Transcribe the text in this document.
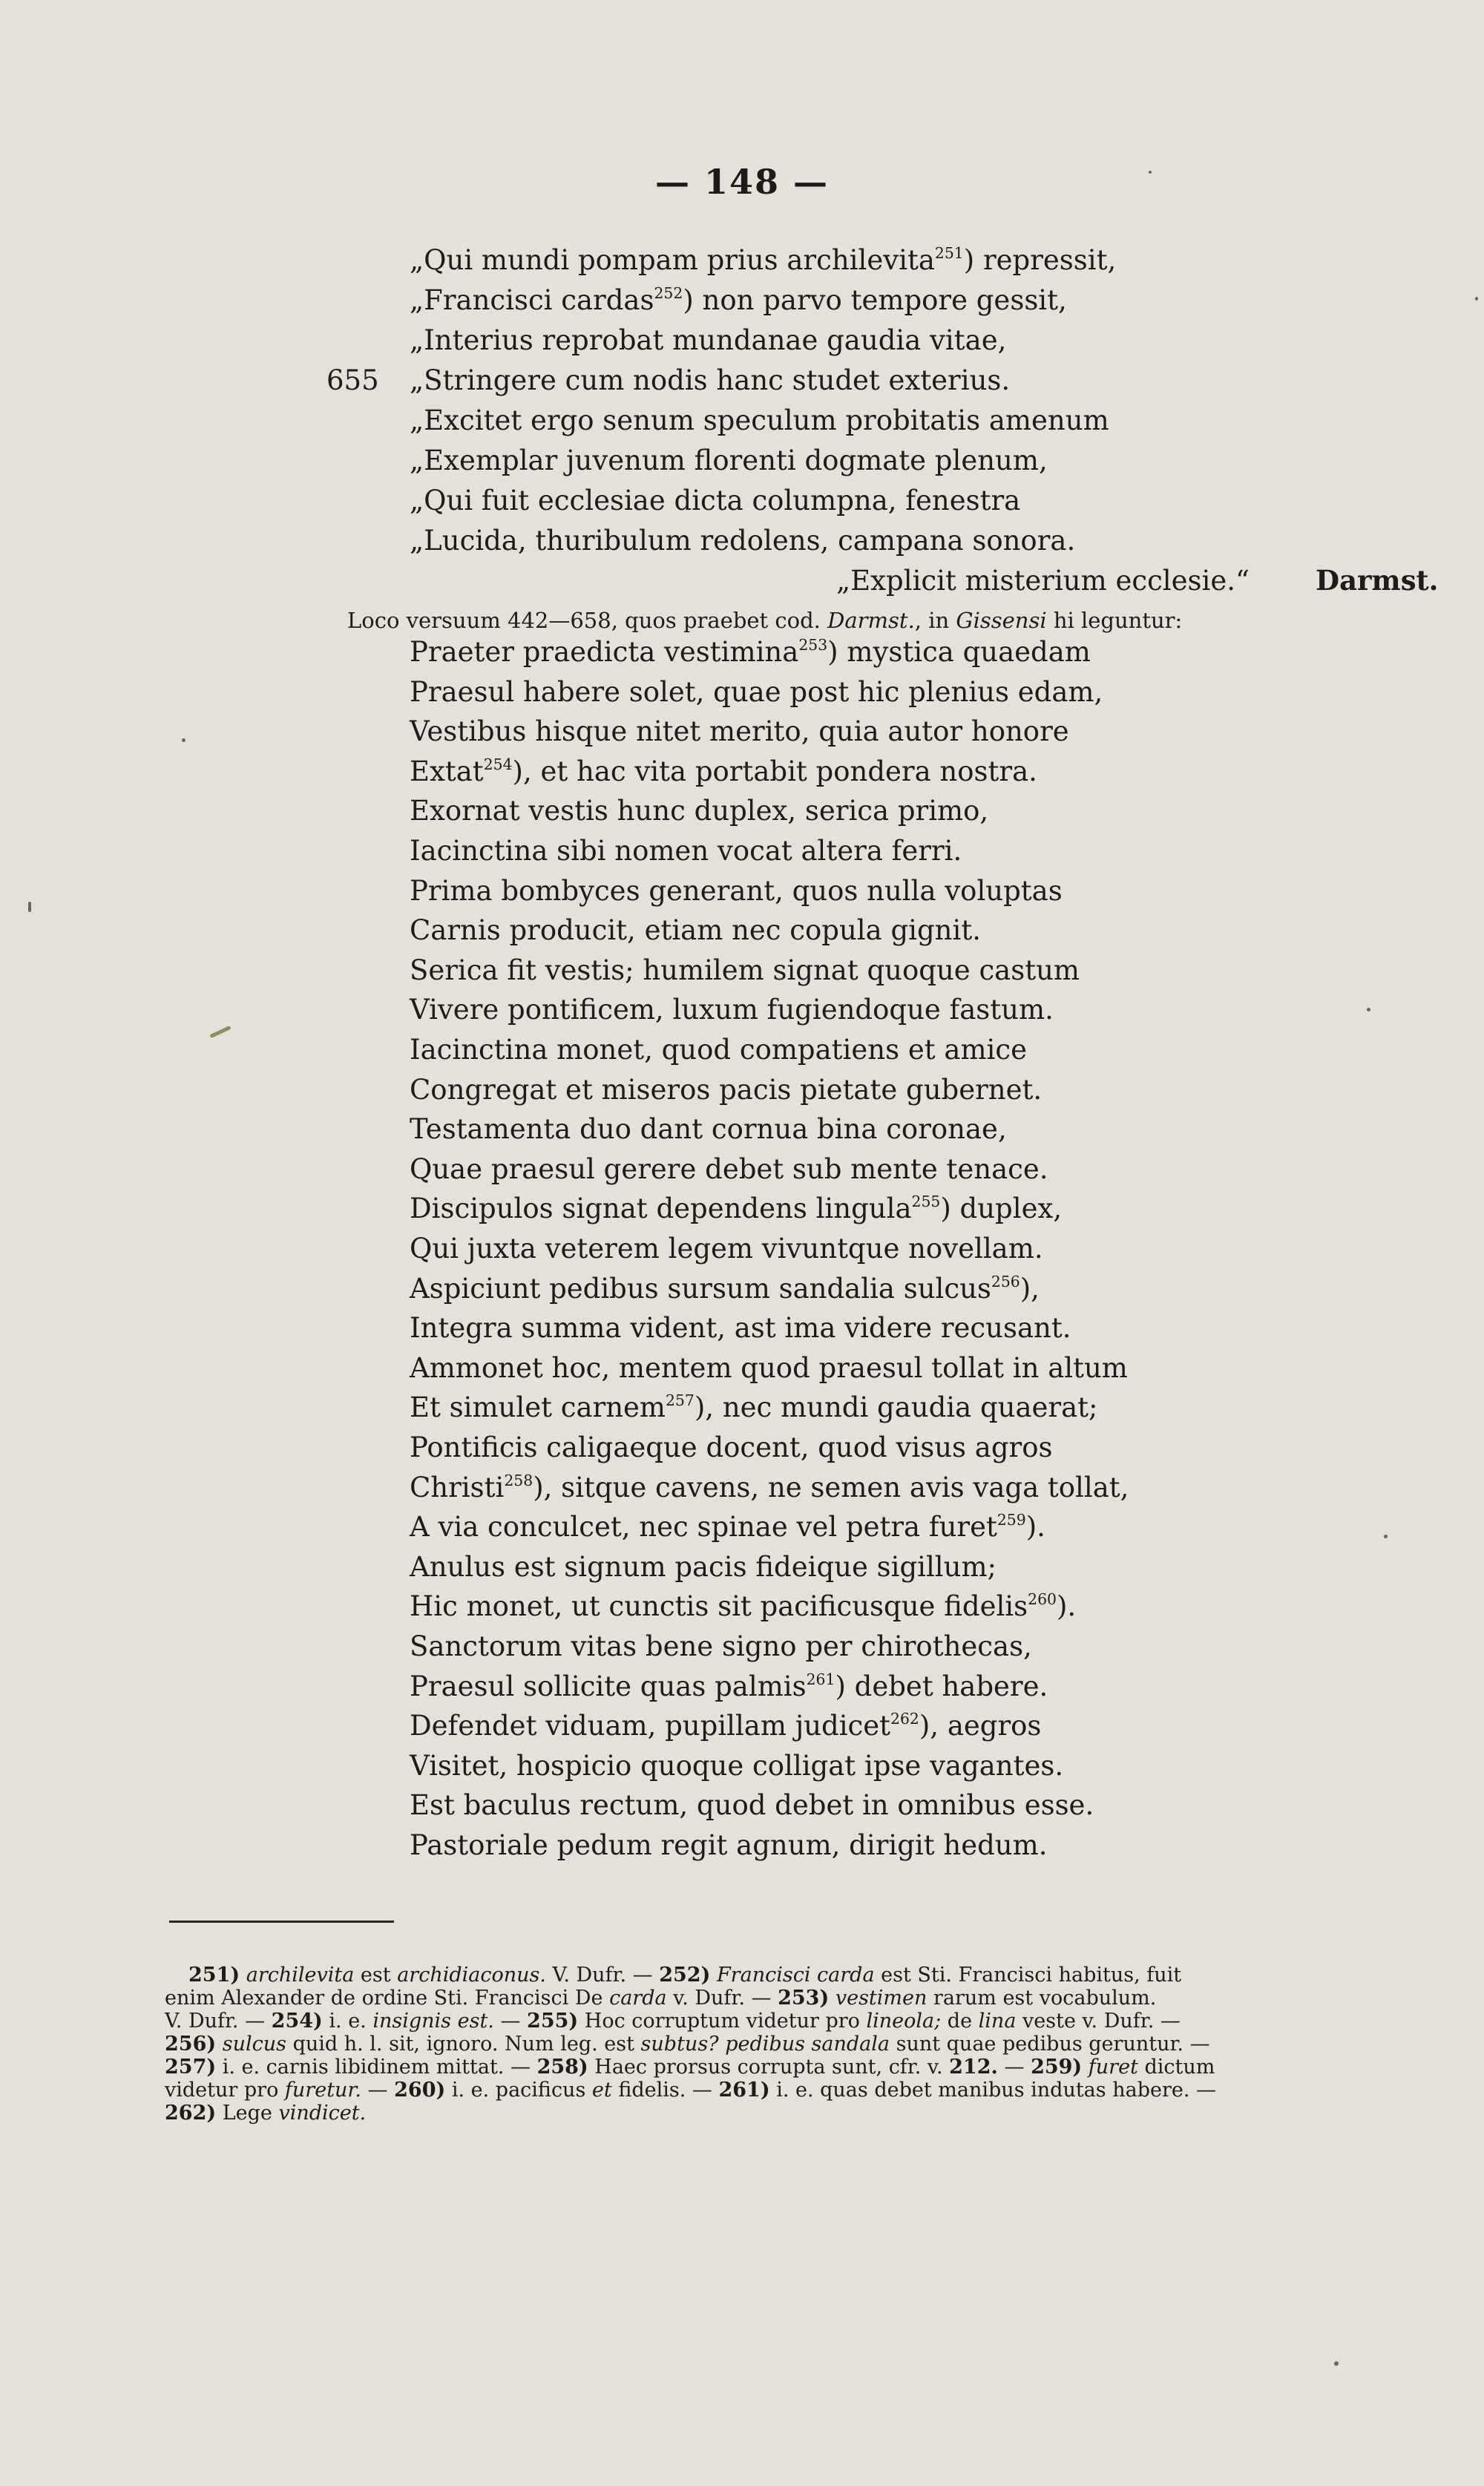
— 148 —
„Qui mundi pompam prius archilevita$^{251}$) repressit,
„Francisci cardas$^{252}$) non parvo tempore gessit,
„Interius reprobat mundanae gaudia vitae,
655 „Stringere cum nodis hanc studet exterius.
„Excitet ergo senum speculum probitatis amenum
„Exemplar juvenum florenti dogmate plenum,
„Qui fuit ecclesiae dicta columpna, fenestra
„Lucida, thuribulum redolens, campana sonora.
„Explicit misterium ecclesie.“ Darmst.
Loco versuum 442—658, quos praebet cod. Darmst., in Gissensi hi leguntur:
Praeter praedicta vestimina$^{253}$) mystica quaedam
Praesul habere solet, quae post hic plenius edam,
Vestibus hisque nitet merito, quia autor honore
Extat$^{254}$), et hac vita portabit pondera nostra.
Exornat vestis hunc duplex, serica primo,
Iacinctina sibi nomen vocat altera ferri.
Prima bombyces generant, quos nulla voluptas
Carnis producit, etiam nec copula gignit.
Serica fit vestis; humilem signat quoque castum
Vivere pontificem, luxum fugiendoque fastum.
Iacinctina monet, quod compatiens et amice
Congregat et miseros pacis pietate gubernet.
Testamenta duo dant cornua bina coronae,
Quae praesul gerere debet sub mente tenace.
Discipulos signat dependens lingula$^{255}$) duplex,
Qui juxta veterem legem vivuntque novellam.
Aspiciunt pedibus sursum sandalia sulcus$^{256}$),
Integra summa vident, ast ima videre recusant.
Ammonet hoc, mentem quod praesul tollat in altum
Et simulet carnem$^{257}$), nec mundi gaudia quaerat;
Pontificis caligaeque docent, quod visus agros
Christi$^{258}$), sitque cavens, ne semen avis vaga tollat,
A via conculcet, nec spinae vel petra furet$^{259}$).
Anulus est signum pacis fideique sigillum;
Hic monet, ut cunctis sit pacificusque fidelis$^{260}$).
Sanctorum vitas bene signo per chirothecas,
Praesul sollicite quas palmis$^{261}$) debet habere.
Defendet viduam, pupillam judicet$^{262}$), aegros
Visitet, hospicio quoque colligat ipse vagantes.
Est baculus rectum, quod debet in omnibus esse.
Pastoriale pedum regit agnum, dirigit hedum.
251) archilevita est archidiaconus. V. Dufr. — 252) Francisci carda est Sti. Francisci habitus, fuit
enim Alexander de ordine Sti. Francisci De carda v. Dufr. — 253) vestimen rarum est vocabulum.
V. Dufr. — 254) i. e. insignis est. — 255) Hoc corruptum videtur pro lineola; de lina veste v. Dufr. —
256) sulcus quid h. l. sit, ignoro. Num leg. est subtus? pedibus sandala sunt quae pedibus geruntur. —
257) i. e. carnis libidinem mittat. — 258) Haec prorsus corrupta sunt, cfr. v. 212. — 259) furet dictum
videtur pro furetur. — 260) i. e. pacificus et fidelis. — 261) i. e. quas debet manibus indutas habere. —
262) Lege vindicet.
